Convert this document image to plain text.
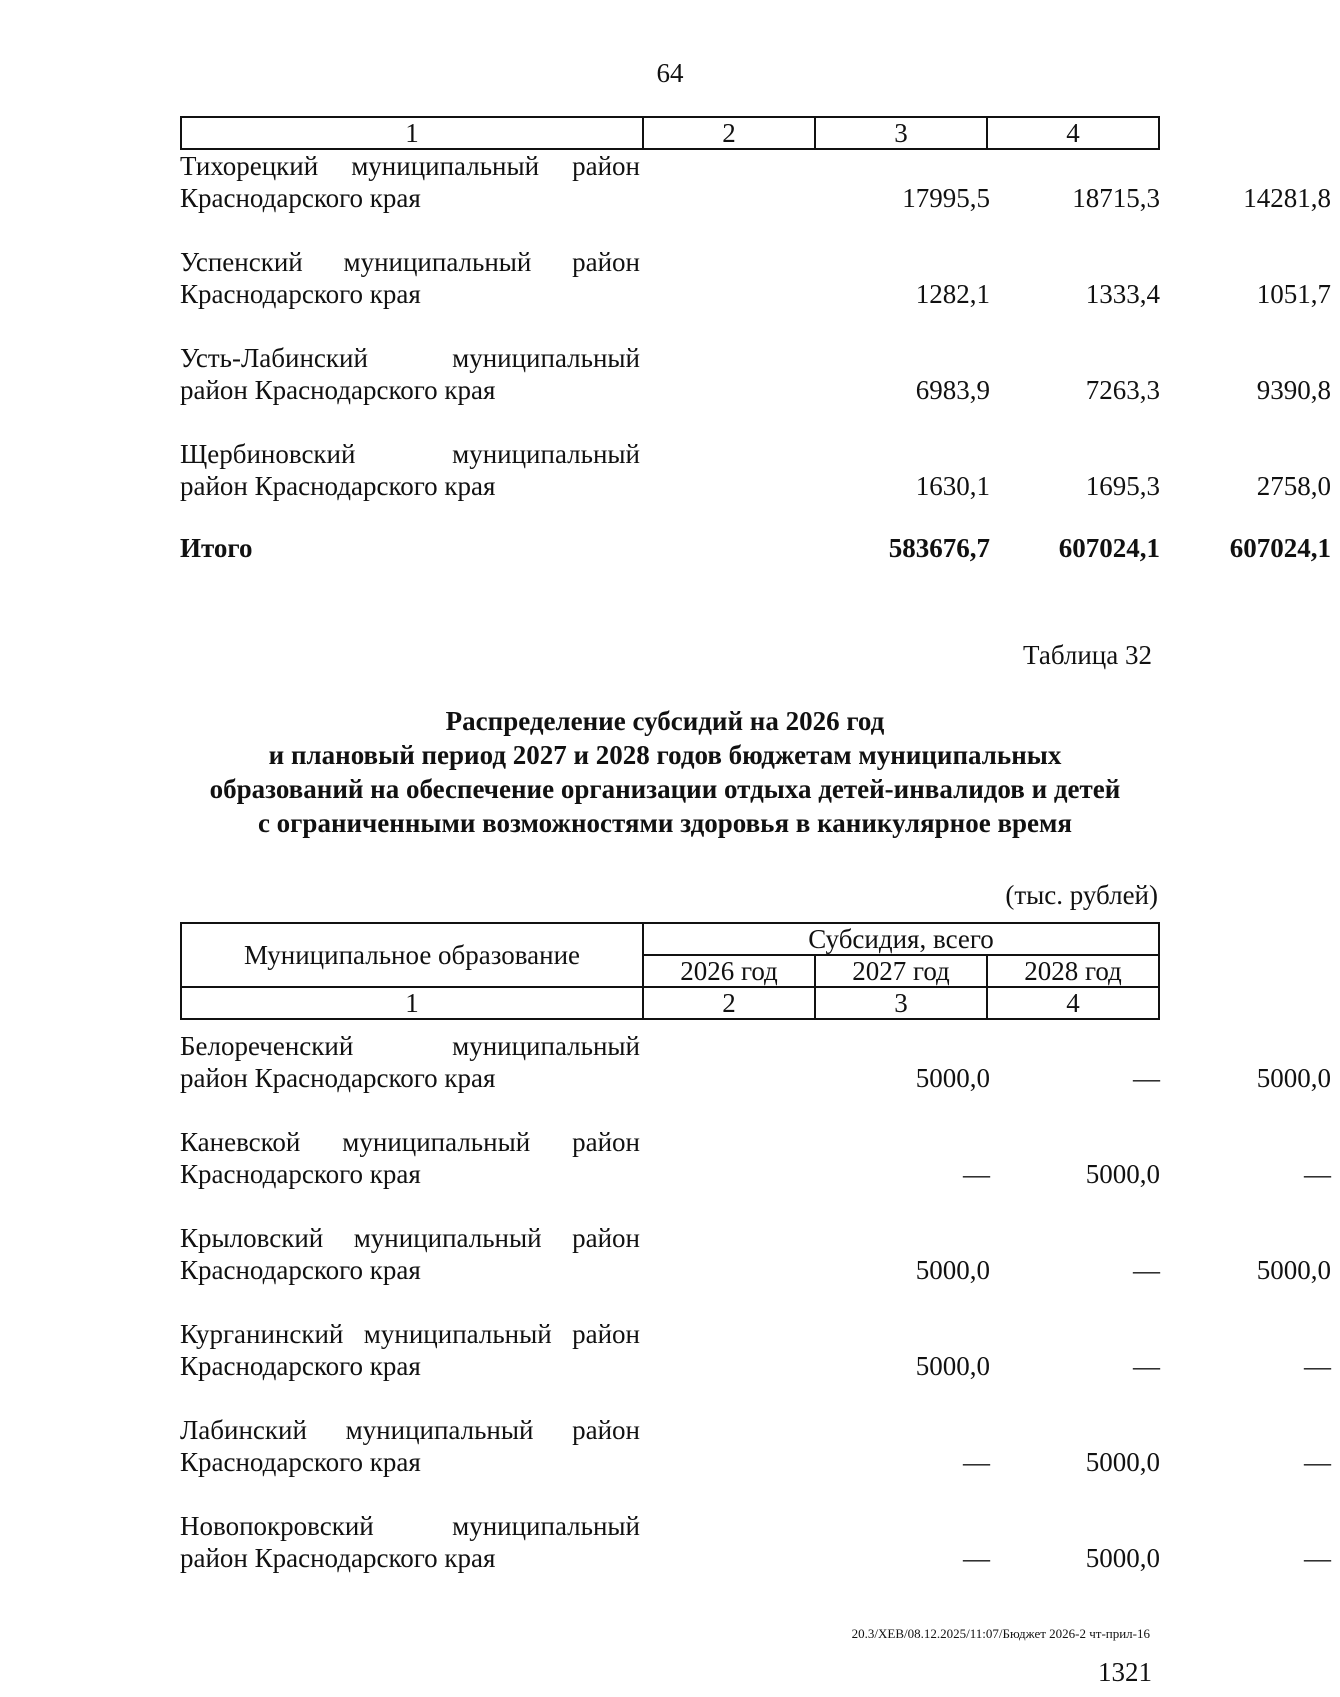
64
1	2	3	4
Тихорецкий муниципальный район
Краснодарского края	17995,5	18715,3	14281,8
Успенский муниципальный район
Краснодарского края	1282,1	1333,4	1051,7
Усть-Лабинский муниципальный
район Краснодарского края	6983,9	7263,3	9390,8
Щербиновский муниципальный
район Краснодарского края	1630,1	1695,3	2758,0
Итого	583676,7	607024,1	607024,1
Таблица 32
Распределение субсидий на 2026 год
и плановый период 2027 и 2028 годов бюджетам муниципальных
образований на обеспечение организации отдыха детей-инвалидов и детей
с ограниченными возможностями здоровья в каникулярное время
(тыс. рублей)
Муниципальное образование	Субсидия, всего		
	2026 год	2027 год	2028 год
1	2	3	4
Белореченский муниципальный
район Краснодарского края	5000,0	—	5000,0
Каневской муниципальный район
Краснодарского края	—	5000,0	—
Крыловский муниципальный район
Краснодарского края	5000,0	—	5000,0
Курганинский муниципальный район
Краснодарского края	5000,0	—	—
Лабинский муниципальный район
Краснодарского края	—	5000,0	—
Новопокровский муниципальный
район Краснодарского края	—	5000,0	—
20.3/XEB/08.12.2025/11:07/Бюджет 2026-2 чт-прил-16
1321
